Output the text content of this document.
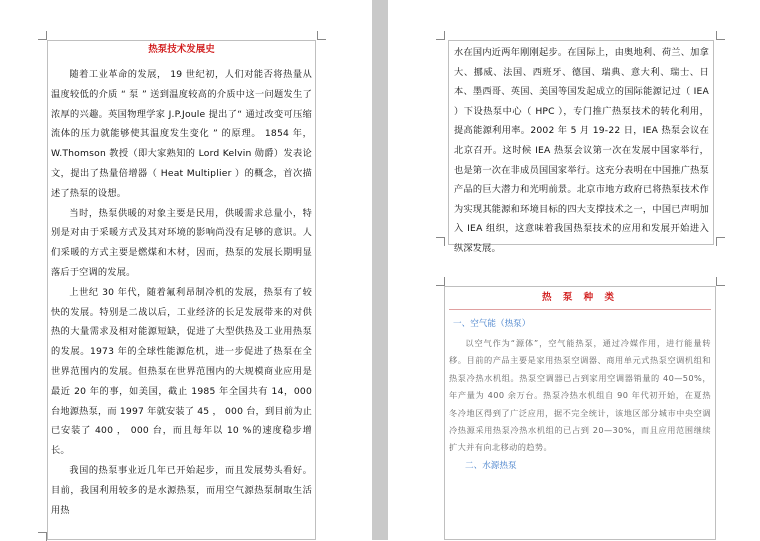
热泵技术发展史

随着工业革命的发展， 19 世纪初，人们对能否将热量从温度较低的介质 “ 泵 ” 送到温度较高的介质中这一问题发生了浓厚的兴趣。英国物理学家 J.P.Joule 提出了“ 通过改变可压缩流体的压力就能够使其温度发生变化 ” 的原理。 1854 年，W.Thomson 教授（即大家熟知的 Lord Kelvin 勋爵）发表论文，提出了热量倍增器（ Heat Multiplier ）的概念，首次描述了热泵的设想。

当时，热泵供暖的对象主要是民用，供暖需求总量小，特别是对由于采暖方式及其对环境的影响尚没有足够的意识。人们采暖的方式主要是燃煤和木材，因而，热泵的发展长期明显落后于空调的发展。

上世纪 30 年代，随着氟利昂制冷机的发展，热泵有了较快的发展。特别是二战以后，工业经济的长足发展带来的对供热的大量需求及相对能源短缺，促进了大型供热及工业用热泵的发展。1973 年的全球性能源危机，进一步促进了热泵在全世界范围内的发展。但热泵在世界范围内的大规模商业应用是最近 20 年的事，如美国，截止 1985 年全国共有 14，000 台地源热泵，而 1997 年就安装了 45 ， 000 台，到目前为止已安装了 400 ， 000 台，而且每年以 10 %的速度稳步增长。

我国的热泵事业近几年已开始起步，而且发展势头看好。目前，我国利用较多的是水源热泵，而用空气源热泵制取生活用热

水在国内近两年刚刚起步。在国际上，由奥地利、荷兰、加拿大、挪威、法国、西班牙、德国、瑞典、意大利、瑞士、日本、墨西哥、英国、美国等国发起成立的国际能源记过（ IEA ）下设热泵中心（ HPC ），专门推广热泵技术的转化利用，提高能源利用率。2002 年 5 月 19-22 日，IEA 热泵会议在北京召开。这时候 IEA 热泵会议第一次在发展中国家举行，也是第一次在非成员国国家举行。这充分表明在中国推广热泵产品的巨大潜力和光明前景。北京市地方政府已将热泵技术作为实现其能源和环境目标的四大支撑技术之一，中国已声明加入 IEA 组织，这意味着我国热泵技术的应用和发展开始进入纵深发展。

热 泵 种 类
一、空气能（热泵）

以空气作为“源体”，空气能热泵，通过冷媒作用，进行能量转移。目前的产品主要是家用热泵空调器、商用单元式热泵空调机组和热泵冷热水机组。热泵空调器已占到家用空调器销量的 40—50%，年产量为 400 余万台。热泵冷热水机组自 90 年代初开始，在夏热冬冷地区得到了广泛应用，据不完全统计，该地区部分城市中央空调冷热源采用热泵冷热水机组的已占到 20—30%，而且应用范围继续扩大并有向北移动的趋势。

二、水源热泵
